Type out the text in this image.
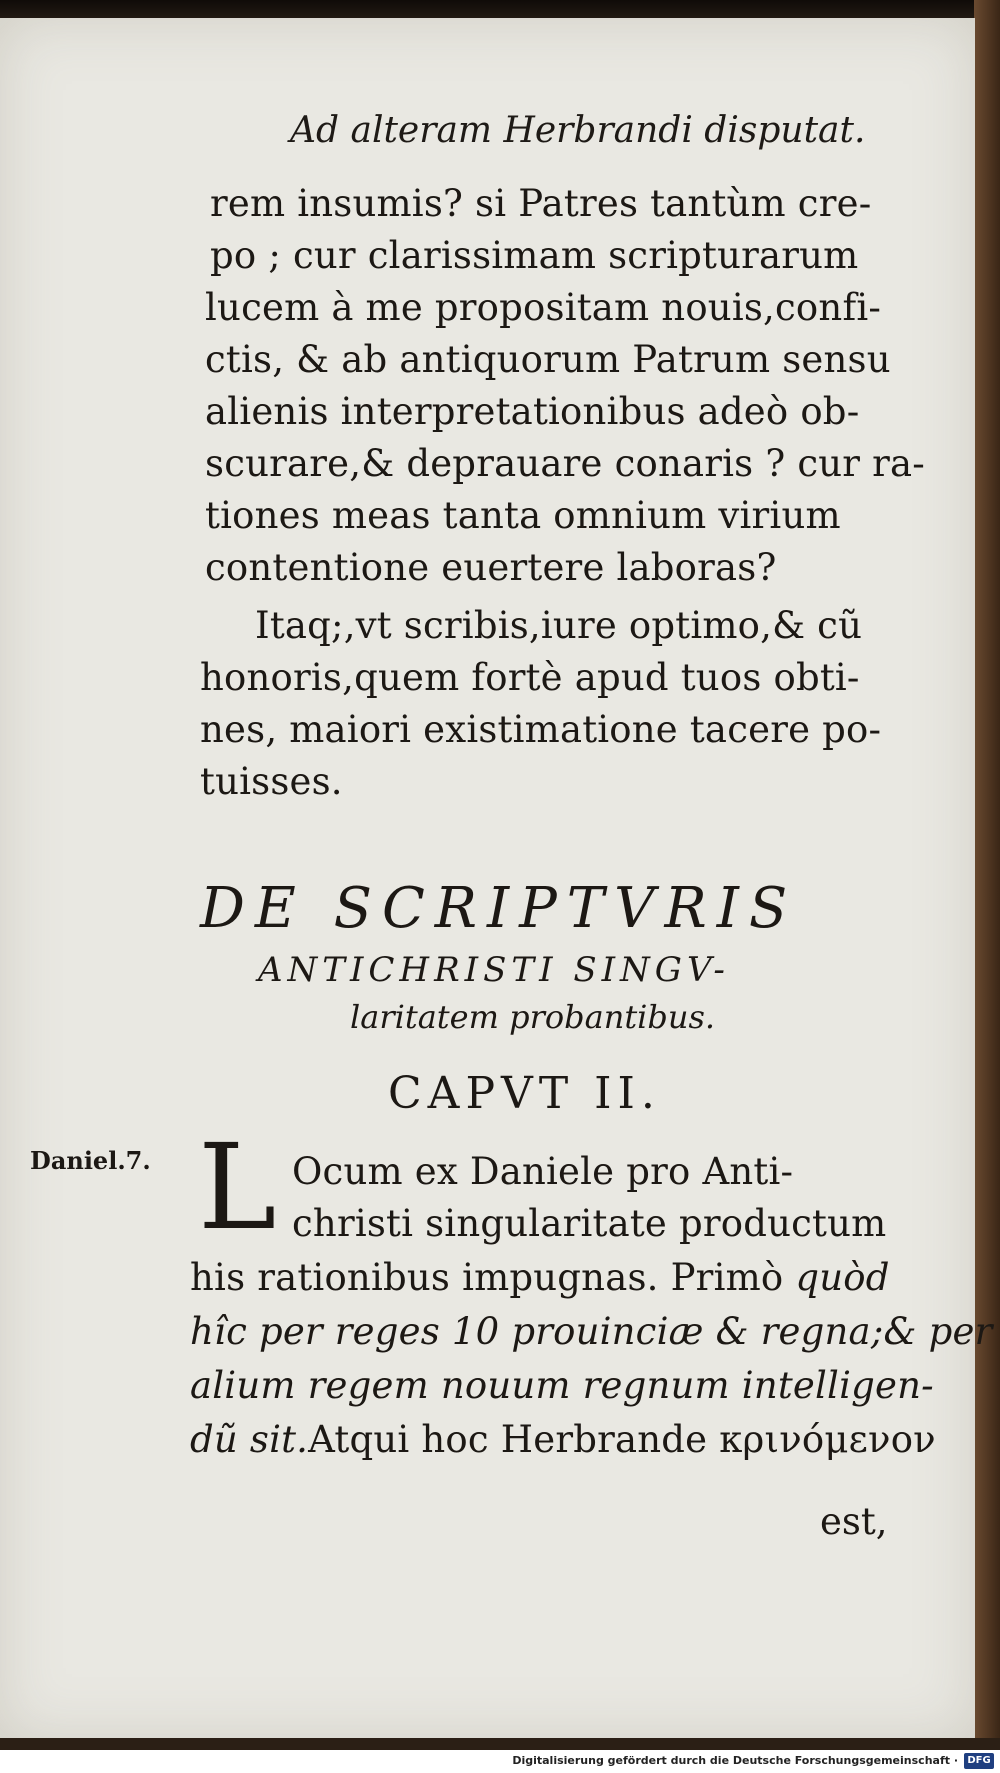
Ad alteram Herbrandi disputat.
rem insumis? si Patres tantùm cre-
po ; cur clarissimam scripturarum
lucem à me propositam nouis,confi-
ctis, & ab antiquorum Patrum sensu
alienis interpretationibus adeò ob-
scurare,& deprauare conaris ? cur ra-
tiones meas tanta omnium virium
contentione euertere laboras?
Itaq;,vt scribis,iure optimo,& cũ
honoris,quem fortè apud tuos obti-
nes, maiori existimatione tacere po-
tuisses.
DE SCRIPTVRIS
ANTICHRISTI SINGV-
laritatem probantibus.
CAPVT II.
Daniel.7. L Ocum ex Daniele pro Anti-
christi singularitate productum
his rationibus impugnas. Primò quòd
hîc per reges 10 prouinciæ & regna;& per
alium regem nouum regnum intelligen-
dũ sit.Atqui hoc Herbrande κρινόμενον
est,
Digitalisierung gefördert durch die Deutsche Forschungsgemeinschaft · DFG
